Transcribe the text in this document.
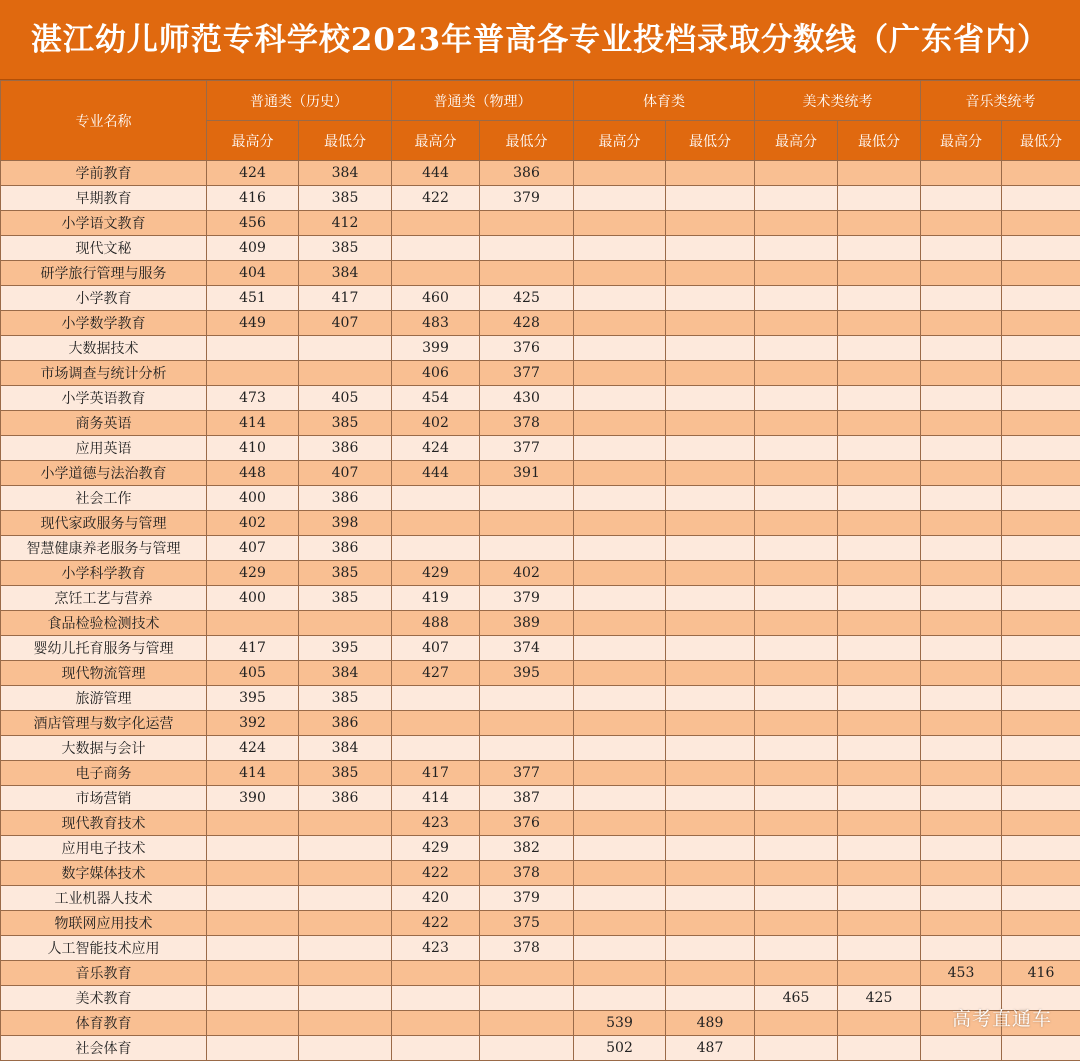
湛江幼儿师范专科学校2023年普高各专业投档录取分数线（广东省内）
专业名称	普通类（历史）		普通类（物理）		体育类		美术类统考		音乐类统考	
	最高分	最低分	最高分	最低分	最高分	最低分	最高分	最低分	最高分	最低分
学前教育	424	384	444	386						
早期教育	416	385	422	379						
小学语文教育	456	412								
现代文秘	409	385								
研学旅行管理与服务	404	384								
小学教育	451	417	460	425						
小学数学教育	449	407	483	428						
大数据技术			399	376						
市场调查与统计分析			406	377						
小学英语教育	473	405	454	430						
商务英语	414	385	402	378						
应用英语	410	386	424	377						
小学道德与法治教育	448	407	444	391						
社会工作	400	386								
现代家政服务与管理	402	398								
智慧健康养老服务与管理	407	386								
小学科学教育	429	385	429	402						
烹饪工艺与营养	400	385	419	379						
食品检验检测技术			488	389						
婴幼儿托育服务与管理	417	395	407	374						
现代物流管理	405	384	427	395						
旅游管理	395	385								
酒店管理与数字化运营	392	386								
大数据与会计	424	384								
电子商务	414	385	417	377						
市场营销	390	386	414	387						
现代教育技术			423	376						
应用电子技术			429	382						
数字媒体技术			422	378						
工业机器人技术			420	379						
物联网应用技术			422	375						
人工智能技术应用			423	378						
音乐教育									453	416
美术教育							465	425		
体育教育					539	489				
社会体育					502	487				
高考直通车
